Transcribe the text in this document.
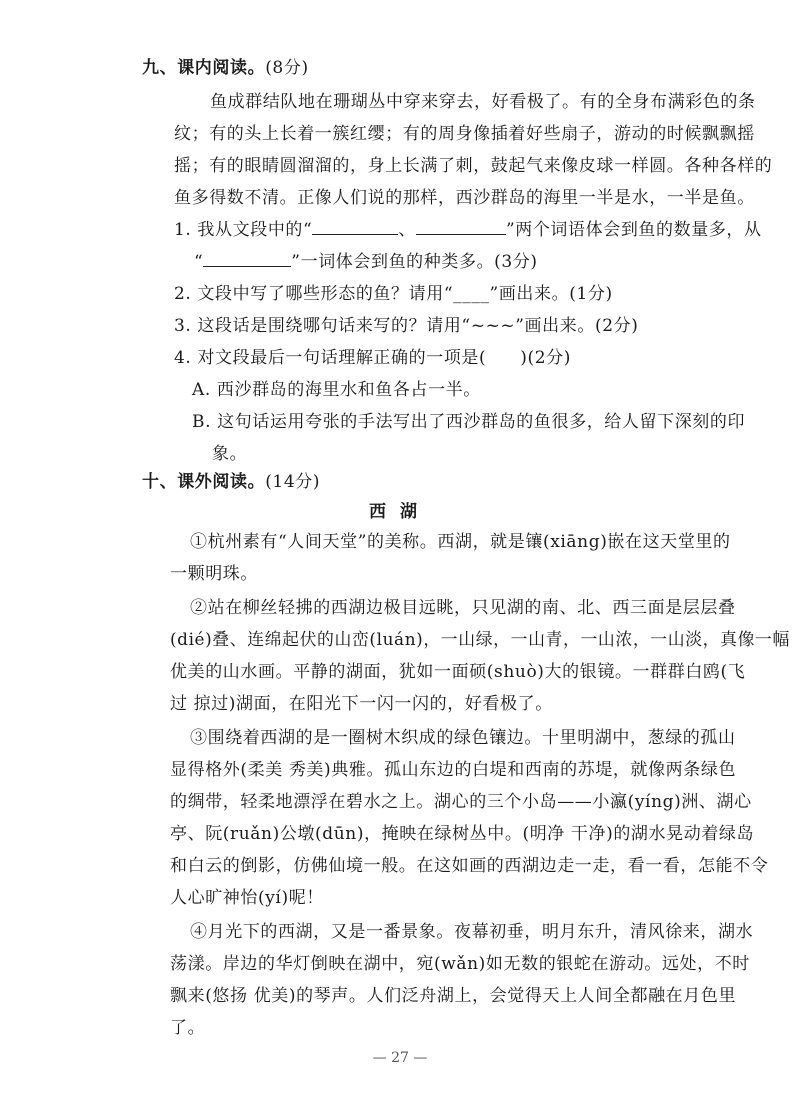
九、课内阅读。(8分)
鱼成群结队地在珊瑚丛中穿来穿去，好看极了。有的全身布满彩色的条
纹；有的头上长着一簇红缨；有的周身像插着好些扇子，游动的时候飘飘摇
摇；有的眼睛圆溜溜的，身上长满了刺，鼓起气来像皮球一样圆。各种各样的
鱼多得数不清。正像人们说的那样，西沙群岛的海里一半是水，一半是鱼。
1. 我从文段中的“	、	”两个词语体会到鱼的数量多，从
“	”一词体会到鱼的种类多。(3分)
2. 文段中写了哪些形态的鱼？请用“____”画出来。(1分)
3. 这段话是围绕哪句话来写的？请用“~~~”画出来。(2分)
4. 对文段最后一句话理解正确的一项是( )(2分)
A. 西沙群岛的海里水和鱼各占一半。
B. 这句话运用夸张的手法写出了西沙群岛的鱼很多，给人留下深刻的印
象。
十、课外阅读。(14分)
西湖
①杭州素有“人间天堂”的美称。西湖，就是镶(xiāng)嵌在这天堂里的
一颗明珠。
②站在柳丝轻拂的西湖边极目远眺，只见湖的南、北、西三面是层层叠
(dié)叠、连绵起伏的山峦(luán)，一山绿，一山青，一山浓，一山淡，真像一幅
优美的山水画。平静的湖面，犹如一面硕(shuò)大的银镜。一群群白鸥(飞
过 掠过)湖面，在阳光下一闪一闪的，好看极了。
③围绕着西湖的是一圈树木织成的绿色镶边。十里明湖中，葱绿的孤山
显得格外(柔美 秀美)典雅。孤山东边的白堤和西南的苏堤，就像两条绿色
的绸带，轻柔地漂浮在碧水之上。湖心的三个小岛——小瀛(yíng)洲、湖心
亭、阮(ruǎn)公墩(dūn)，掩映在绿树丛中。(明净 干净)的湖水晃动着绿岛
和白云的倒影，仿佛仙境一般。在这如画的西湖边走一走，看一看，怎能不令
人心旷神怡(yí)呢！
④月光下的西湖，又是一番景象。夜幕初垂，明月东升，清风徐来，湖水
荡漾。岸边的华灯倒映在湖中，宛(wǎn)如无数的银蛇在游动。远处，不时
飘来(悠扬 优美)的琴声。人们泛舟湖上，会觉得天上人间全都融在月色里
了。
— 27 —
